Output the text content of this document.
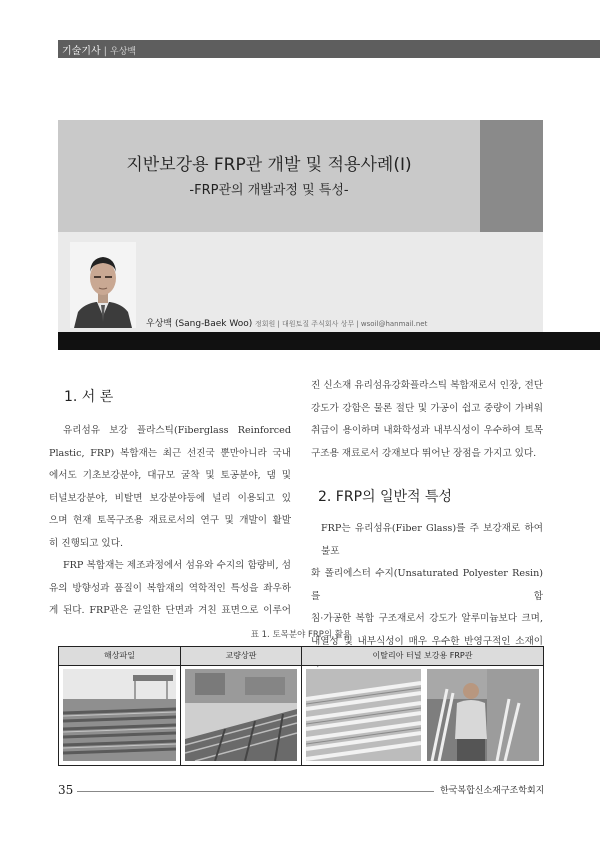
기술기사 | 우상백
지반보강용 FRP관 개발 및 적용사례(I)
-FRP관의 개발과정 및 특성-
우상백 (Sang-Baek Woo) 정회원 | 대원토질 주식회사 상무 | wsoil@hanmail.net
1. 서 론
유리섬유 보강 플라스틱(Fiberglass Reinforced
Plastic, FRP) 복합재는 최근 선진국 뿐만아니라 국내
에서도 기초보강분야, 대규모 굴착 및 토공분야, 댐 및
터널보강분야, 비탈면 보강분야등에 널리 이용되고 있
으며 현재 토목구조용 재료로서의 연구 및 개발이 활발
히 진행되고 있다.
FRP 복합재는 제조과정에서 섬유와 수지의 함량비, 섬
유의 방향성과 품질이 복합재의 역학적인 특성을 좌우하
게 된다. FRP관은 균일한 단면과 겨친 표면으로 이루어
진 신소재 유리섬유강화플라스틱 복합재로서 인장, 전단
강도가 강함은 물론 절단 및 가공이 쉽고 중량이 가벼워
취급이 용이하며 내화학성과 내부식성이 우수하여 토목
구조용 재료로서 강재보다 뛰어난 장점을 가지고 있다.
2. FRP의 일반적 특성
FRP는 유리섬유(Fiber Glass)를 주 보강재로 하여 불포
화 폴리에스터 수지(Unsaturated Polyester Resin)를 함
침·가공한 복합 구조재로서 강도가 알루미늄보다 크며,
내열성 및 내부식성이 매우 우수한 반영구적인 소재이
표 1. 토목분야 FRP의 활용
해상파일	교량상판	이탈리아 터널 보강용 FRP관
35	한국복합신소재구조학회지
